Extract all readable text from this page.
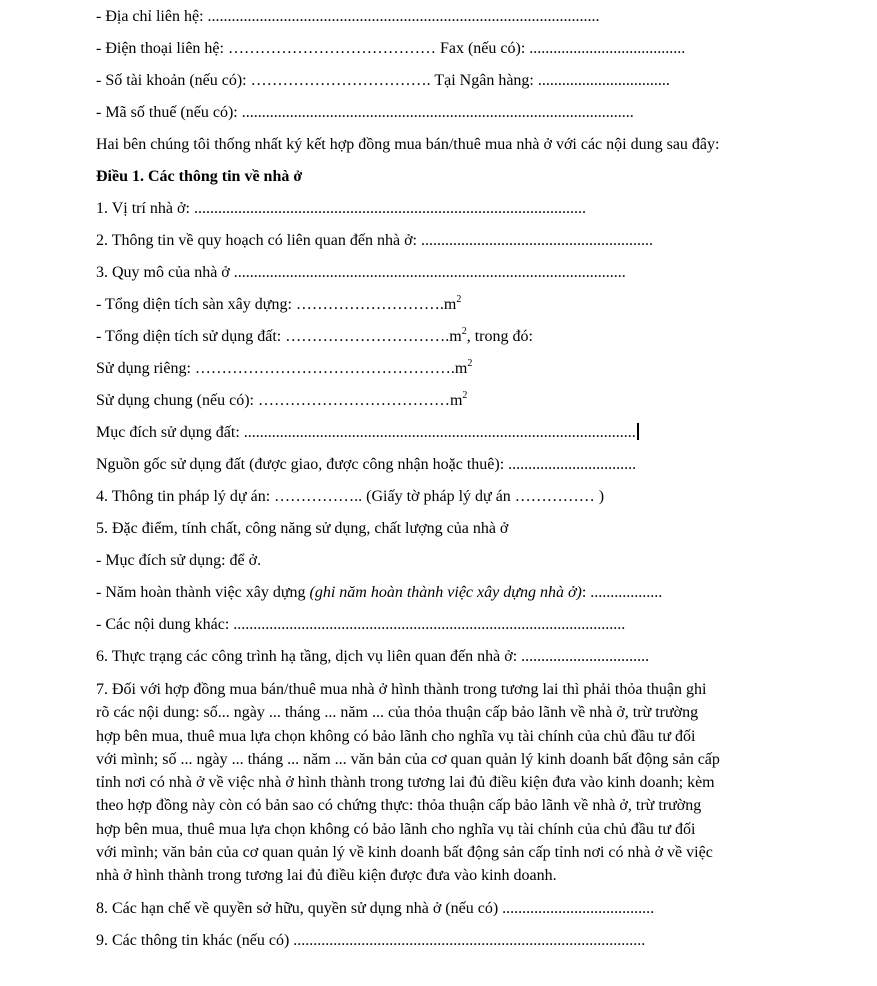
- Địa chỉ liên hệ: ..................................................................................................
- Điện thoại liên hệ: ………………………………… Fax (nếu có): .......................................
- Số tài khoản (nếu có): ……………………………. Tại Ngân hàng: .................................
- Mã số thuế (nếu có): ..................................................................................................
Hai bên chúng tôi thống nhất ký kết hợp đồng mua bán/thuê mua nhà ở với các nội dung sau đây:
Điều 1. Các thông tin về nhà ở
1. Vị trí nhà ở: ..................................................................................................
2. Thông tin về quy hoạch có liên quan đến nhà ở: ..........................................................
3. Quy mô của nhà ở ..................................................................................................
- Tổng diện tích sàn xây dựng: $\dots\dots\dots\dots\dots\dots\dots\dots\dots.m^2$
- Tổng diện tích sử dụng đất: $\dots\dots\dots\dots\dots\dots\dots\dots\dots\dots.m^2$, trong đó:
Sử dụng riêng: $\dots\dots\dots\dots\dots\dots\dots\dots\dots\dots\dots\dots\dots\dots\dots\dots.m^2$
Sử dụng chung (nếu có): $\dots\dots\dots\dots\dots\dots\dots\dots\dots\dots\dots\dots m^2$
Mục đích sử dụng đất: ..................................................................................................
Nguồn gốc sử dụng đất (được giao, được công nhận hoặc thuê): ................................
4. Thông tin pháp lý dự án: …………….. (Giấy tờ pháp lý dự án …………… )
5. Đặc điểm, tính chất, công năng sử dụng, chất lượng của nhà ở
- Mục đích sử dụng: để ở.
- Năm hoàn thành việc xây dựng (ghi năm hoàn thành việc xây dựng nhà ở): ..................
- Các nội dung khác: ..................................................................................................
6. Thực trạng các công trình hạ tầng, dịch vụ liên quan đến nhà ở: ................................
7. Đối với hợp đồng mua bán/thuê mua nhà ở hình thành trong tương lai thì phải thỏa thuận ghi
rõ các nội dung: số... ngày ... tháng ... năm ... của thỏa thuận cấp bảo lãnh về nhà ở, trừ trường
hợp bên mua, thuê mua lựa chọn không có bảo lãnh cho nghĩa vụ tài chính của chủ đầu tư đối
với mình; số ... ngày ... tháng ... năm ... văn bản của cơ quan quản lý kinh doanh bất động sản cấp
tỉnh nơi có nhà ở về việc nhà ở hình thành trong tương lai đủ điều kiện đưa vào kinh doanh; kèm
theo hợp đồng này còn có bản sao có chứng thực: thỏa thuận cấp bảo lãnh về nhà ở, trừ trường
hợp bên mua, thuê mua lựa chọn không có bảo lãnh cho nghĩa vụ tài chính của chủ đầu tư đối
với mình; văn bản của cơ quan quản lý về kinh doanh bất động sản cấp tỉnh nơi có nhà ở về việc
nhà ở hình thành trong tương lai đủ điều kiện được đưa vào kinh doanh.
8. Các hạn chế về quyền sở hữu, quyền sử dụng nhà ở (nếu có) ......................................
9. Các thông tin khác (nếu có) ........................................................................................
